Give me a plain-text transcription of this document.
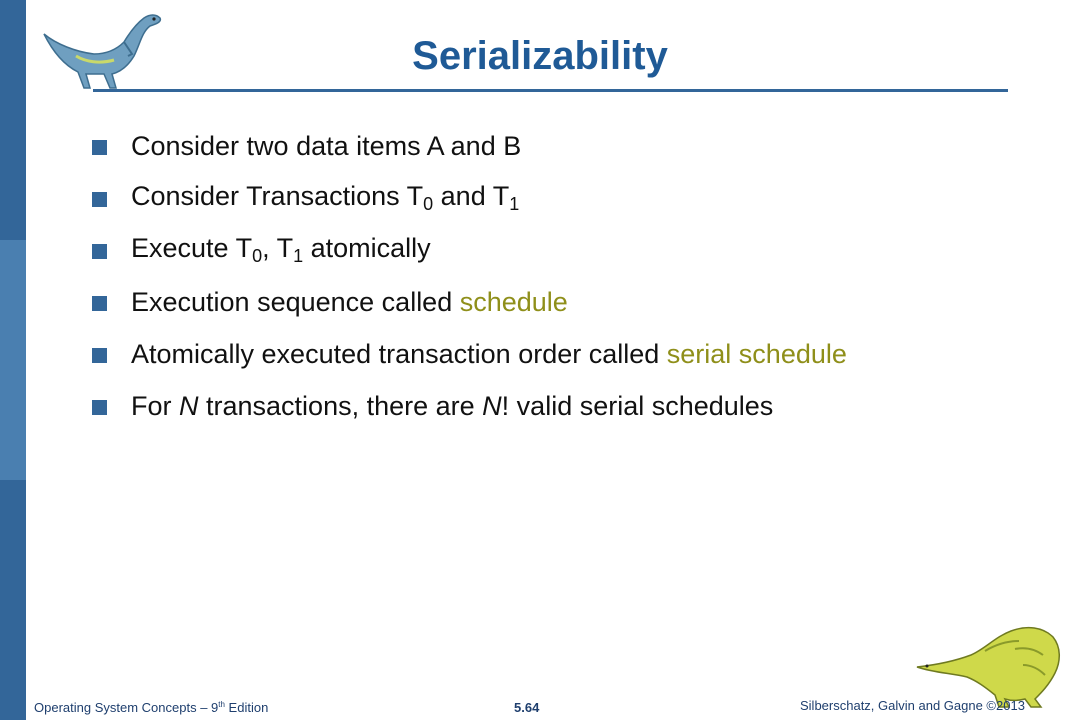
Serializability
Consider two data items A and B
Consider Transactions $T_0$ and $T_1$
Execute $T_0$, $T_1$ atomically
Execution sequence called schedule
Atomically executed transaction order called serial schedule
For N transactions, there are N! valid serial schedules
Operating System Concepts – 9th Edition	5.64	Silberschatz, Galvin and Gagne ©2013
